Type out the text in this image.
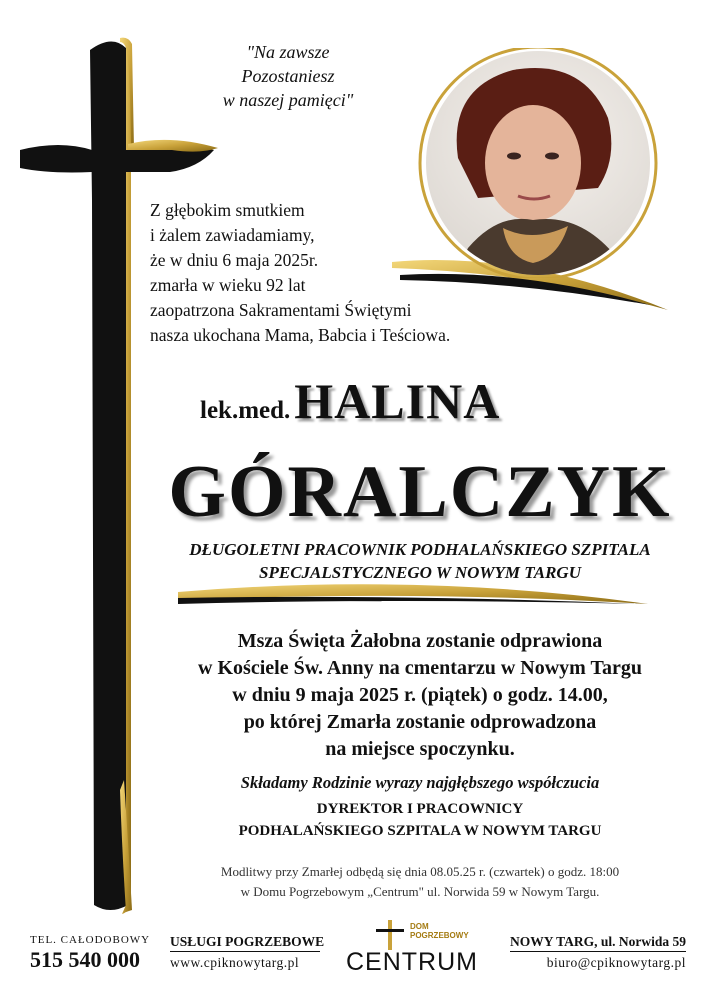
"Na zawsze
Pozostaniesz
w naszej pamięci"
Z głębokim smutkiem
i żalem zawiadamiamy,
że w dniu 6 maja 2025r.
zmarła w wieku 92 lat
zaopatrzona Sakramentami Świętymi
nasza ukochana Mama, Babcia i Teściowa.
lek.med. HALINA
GÓRALCZYK
DŁUGOLETNI PRACOWNIK PODHALAŃSKIEGO SZPITALA
SPECJALSTYCZNEGO W NOWYM TARGU
Msza Święta Żałobna zostanie odprawiona
w Kościele Św. Anny na cmentarzu w Nowym Targu
w dniu 9 maja 2025 r. (piątek) o godz. 14.00,
po której Zmarła zostanie odprowadzona
na miejsce spoczynku.
Składamy Rodzinie wyrazy najgłębszego współczucia
DYREKTOR I PRACOWNICY
PODHALAŃSKIEGO SZPITALA W NOWYM TARGU
Modlitwy przy Zmarłej odbędą się dnia 08.05.25 r. (czwartek) o godz. 18:00
w Domu Pogrzebowym „Centrum" ul. Norwida 59 w Nowym Targu.
TEL. CAŁODOBOWY
515 540 000
USŁUGI POGRZEBOWE
www.cpiknowytarg.pl
DOM
POGRZEBOWY
CENTRUM
NOWY TARG, ul. Norwida 59
biuro@cpiknowytarg.pl
